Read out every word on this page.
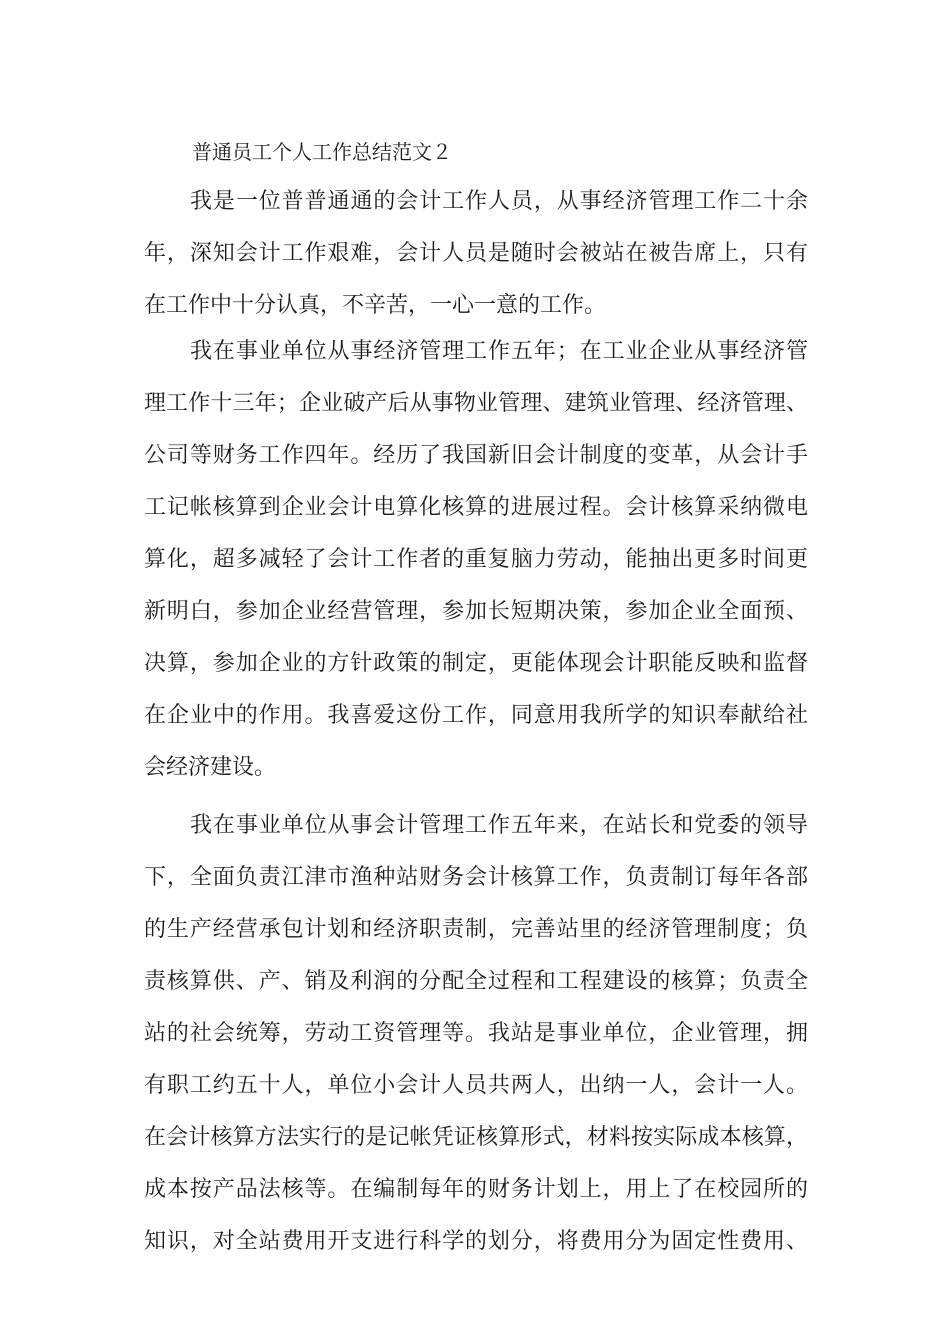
普通员工个人工作总结范文２
我是一位普普通通的会计工作人员，从事经济管理工作二十余
年，深知会计工作艰难，会计人员是随时会被站在被告席上，只有
在工作中十分认真，不辛苦，一心一意的工作。
我在事业单位从事经济管理工作五年；在工业企业从事经济管
理工作十三年；企业破产后从事物业管理、建筑业管理、经济管理、
公司等财务工作四年。经历了我国新旧会计制度的变革，从会计手
工记帐核算到企业会计电算化核算的进展过程。会计核算采纳微电
算化，超多减轻了会计工作者的重复脑力劳动，能抽出更多时间更
新明白，参加企业经营管理，参加长短期决策，参加企业全面预、
决算，参加企业的方针政策的制定，更能体现会计职能反映和监督
在企业中的作用。我喜爱这份工作，同意用我所学的知识奉献给社
会经济建设。
我在事业单位从事会计管理工作五年来，在站长和党委的领导
下，全面负责江津市渔种站财务会计核算工作，负责制订每年各部
的生产经营承包计划和经济职责制，完善站里的经济管理制度；负
责核算供、产、销及利润的分配全过程和工程建设的核算；负责全
站的社会统筹，劳动工资管理等。我站是事业单位，企业管理，拥
有职工约五十人，单位小会计人员共两人，出纳一人，会计一人。
在会计核算方法实行的是记帐凭证核算形式，材料按实际成本核算，
成本按产品法核等。在编制每年的财务计划上，用上了在校园所的
知识，对全站费用开支进行科学的划分，将费用分为固定性费用、
